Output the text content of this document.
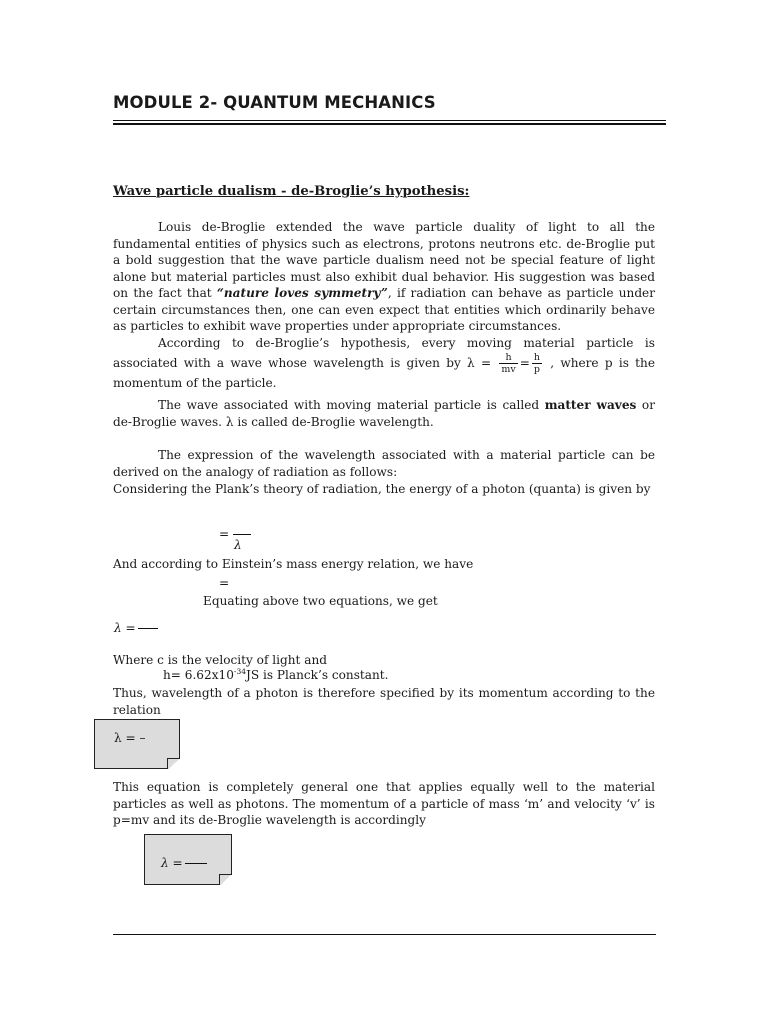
MODULE 2- QUANTUM MECHANICS
Wave particle dualism - de-Broglie’s hypothesis:
Louis de-Broglie extended the wave particle duality of light to all the fundamental entities of physics such as electrons, protons neutrons etc. de-Broglie put a bold suggestion that the wave particle dualism need not be special feature of light alone but material particles must also exhibit dual behavior. His suggestion was based on the fact that “nature loves symmetry”, if radiation can behave as particle under certain circumstances then, one can even expect that entities which ordinarily behave as particles to exhibit wave properties under appropriate circumstances.
According to de-Broglie’s hypothesis, every moving material particle is associated with a wave whose wavelength is given by $\lambda = \frac{h}{mv} = \frac{h}{p}$ , where p is the momentum of the particle.
The wave associated with moving material particle is called matter waves or de-Broglie waves. λ is called de-Broglie wavelength.
The expression of the wavelength associated with a material particle can be derived on the analogy of radiation as follows:
Considering the Plank’s theory of radiation, the energy of a photon (quanta) is given by
=
λ
And according to Einstein’s mass energy relation, we have
=
Equating above two equations, we get
λ =
Where c is the velocity of light and
$h= 6.62x10^{-34}JS$ is Planck’s constant.
Thus, wavelength of a photon is therefore specified by its momentum according to the relation
λ = –
This equation is completely general one that applies equally well to the material particles as well as photons. The momentum of a particle of mass ‘m’ and velocity ‘v’ is p=mv and its de-Broglie wavelength is accordingly
λ =
